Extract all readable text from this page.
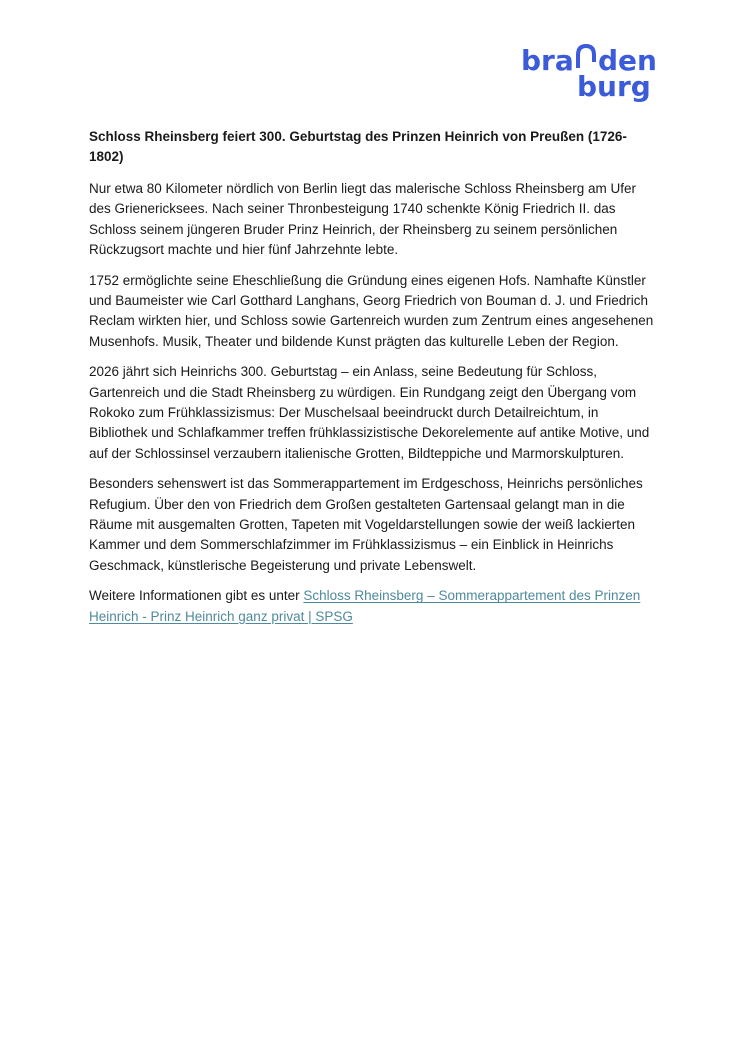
bra den
burg
Schloss Rheinsberg feiert 300. Geburtstag des Prinzen Heinrich von Preußen (1726-1802)

Nur etwa 80 Kilometer nördlich von Berlin liegt das malerische Schloss Rheinsberg am Ufer des Grienericksees. Nach seiner Thronbesteigung 1740 schenkte König Friedrich II. das Schloss seinem jüngeren Bruder Prinz Heinrich, der Rheinsberg zu seinem persönlichen Rückzugsort machte und hier fünf Jahrzehnte lebte.

1752 ermöglichte seine Eheschließung die Gründung eines eigenen Hofs. Namhafte Künstler und Baumeister wie Carl Gotthard Langhans, Georg Friedrich von Bouman d. J. und Friedrich Reclam wirkten hier, und Schloss sowie Gartenreich wurden zum Zentrum eines angesehenen Musenhofs. Musik, Theater und bildende Kunst prägten das kulturelle Leben der Region.

2026 jährt sich Heinrichs 300. Geburtstag – ein Anlass, seine Bedeutung für Schloss, Gartenreich und die Stadt Rheinsberg zu würdigen. Ein Rundgang zeigt den Übergang vom Rokoko zum Frühklassizismus: Der Muschelsaal beeindruckt durch Detailreichtum, in Bibliothek und Schlafkammer treffen frühklassizistische Dekorelemente auf antike Motive, und auf der Schlossinsel verzaubern italienische Grotten, Bildteppiche und Marmorskulpturen.

Besonders sehenswert ist das Sommerappartement im Erdgeschoss, Heinrichs persönliches Refugium. Über den von Friedrich dem Großen gestalteten Gartensaal gelangt man in die Räume mit ausgemalten Grotten, Tapeten mit Vogeldarstellungen sowie der weiß lackierten Kammer und dem Sommerschlafzimmer im Frühklassizismus – ein Einblick in Heinrichs Geschmack, künstlerische Begeisterung und private Lebenswelt.

Weitere Informationen gibt es unter Schloss Rheinsberg – Sommerappartement des Prinzen Heinrich - Prinz Heinrich ganz privat | SPSG
